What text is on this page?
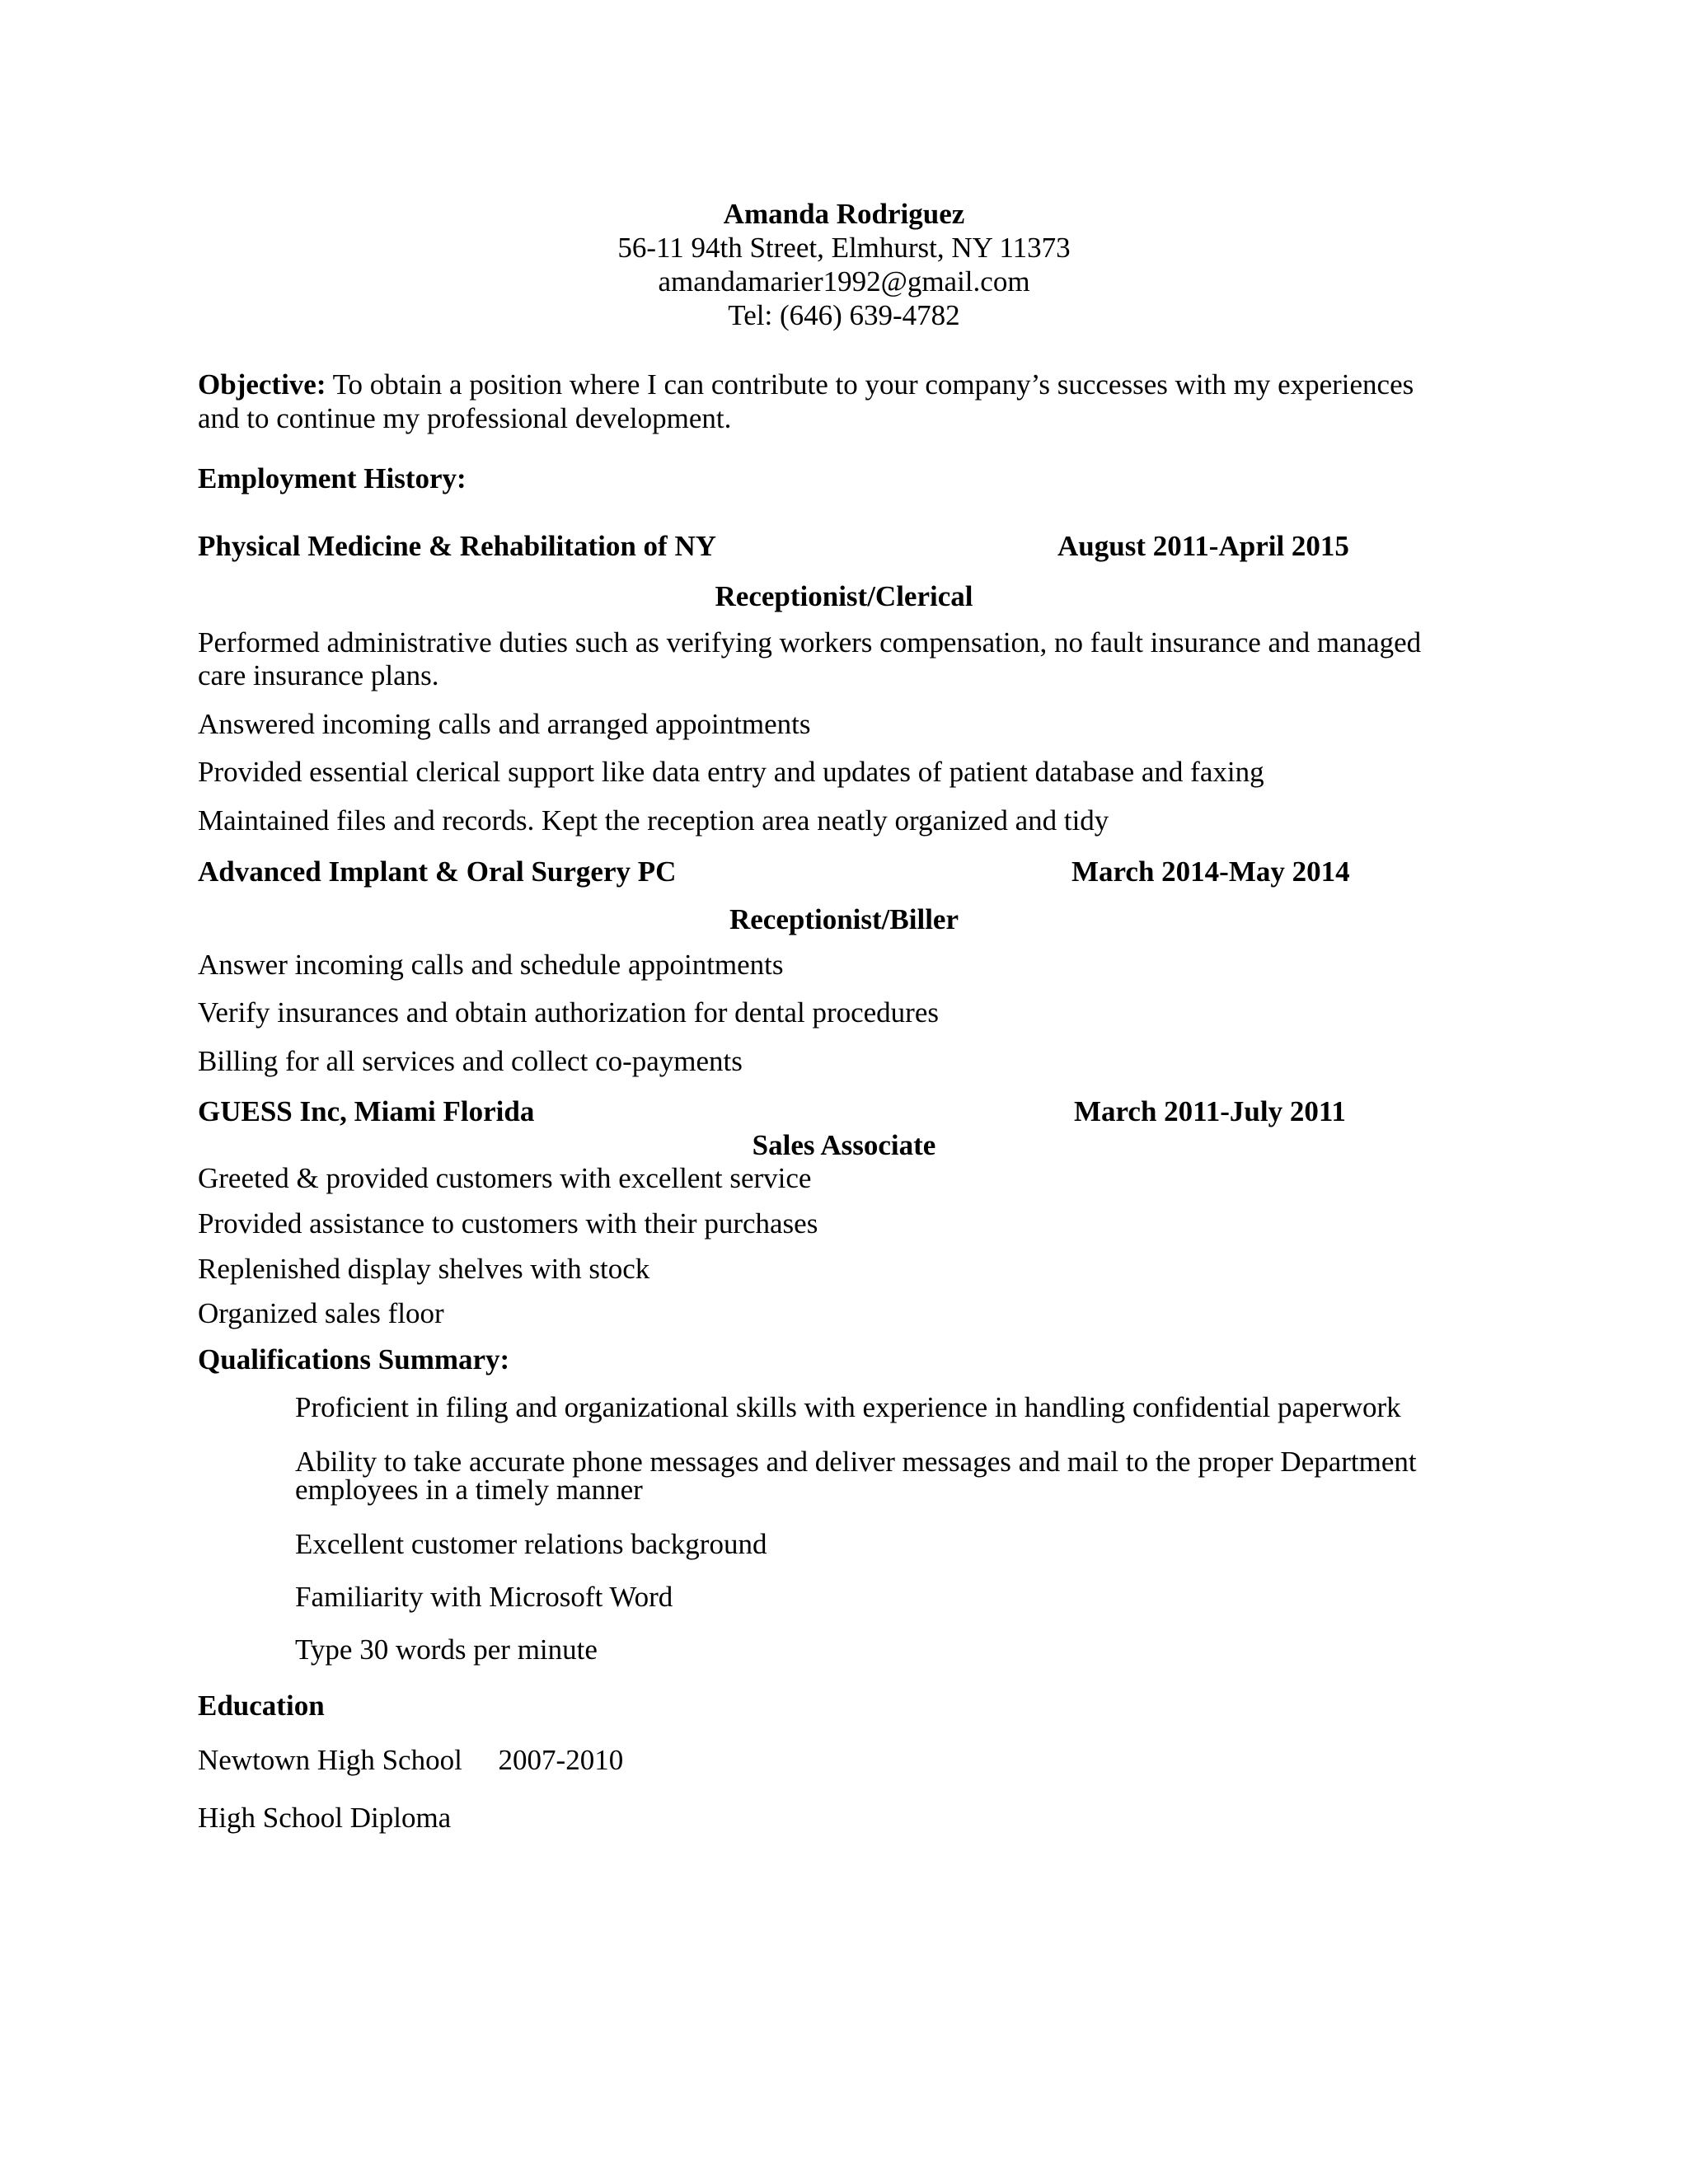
Amanda Rodriguez
56-11 94th Street, Elmhurst, NY 11373
amandamarier1992@gmail.com
Tel: (646) 639-4782
Objective: To obtain a position where I can contribute to your company’s successes with my experiences
and to continue my professional development.
Employment History:
Physical Medicine & Rehabilitation of NY	August 2011-April 2015
Receptionist/Clerical
Performed administrative duties such as verifying workers compensation, no fault insurance and managed
care insurance plans.
Answered incoming calls and arranged appointments
Provided essential clerical support like data entry and updates of patient database and faxing
Maintained files and records. Kept the reception area neatly organized and tidy
Advanced Implant & Oral Surgery PC	March 2014-May 2014
Receptionist/Biller
Answer incoming calls and schedule appointments
Verify insurances and obtain authorization for dental procedures
Billing for all services and collect co-payments
GUESS Inc, Miami Florida	March 2011-July 2011
Sales Associate
Greeted & provided customers with excellent service
Provided assistance to customers with their purchases
Replenished display shelves with stock
Organized sales floor
Qualifications Summary:
Proficient in filing and organizational skills with experience in handling confidential paperwork
Ability to take accurate phone messages and deliver messages and mail to the proper Department
employees in a timely manner
Excellent customer relations background
Familiarity with Microsoft Word
Type 30 words per minute
Education
Newtown High School     2007-2010
High School Diploma
